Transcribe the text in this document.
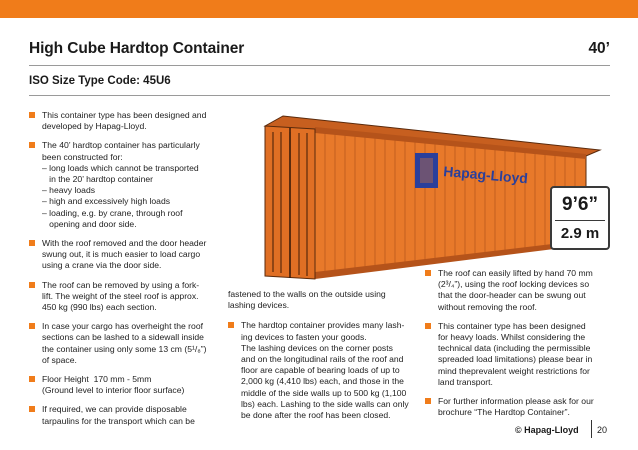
High Cube Hardtop Container	40’
ISO Size Type Code: 45U6
Hapag-Lloyd
9’6”
2.9 m
This container type has been designed and
developed by Hapag-Lloyd.
The 40’ hardtop container has particularly
been constructed for:
– long loads which cannot be transported
in the 20’ hardtop container
– heavy loads
– high and excessively high loads
– loading, e.g. by crane, through roof
opening and door side.
With the roof removed and the door header
swung out, it is much easier to load cargo
using a crane via the door side.
The roof can be removed by using a fork-
lift. The weight of the steel roof is approx.
450 kg (990 lbs) each section.
In case your cargo has overheight the roof
sections can be lashed to a sidewall inside
the container using only some 13 cm (5¹/₈”)
of space.
Floor Height  170 mm - 5mm
(Ground level to interior floor surface)
If required, we can provide disposable
tarpaulins for the transport which can be
fastened to the walls on the outside using
lashing devices.
The hardtop container provides many lash-
ing devices to fasten your goods.
The lashing devices on the corner posts
and on the longitudinal rails of the roof and
floor are capable of bearing loads of up to
2,000 kg (4,410 lbs) each, and those in the
middle of the side walls up to 500 kg (1,100
lbs) each. Lashing to the side walls can only
be done after the roof has been closed.
The roof can easily lifted by hand 70 mm
(2³/₄”), using the roof locking devices so
that the door-header can be swung out
without removing the roof.
This container type has been designed
for heavy loads. Whilst considering the
technical data (including the permissible
spreaded load limitations) please bear in
mind theprevalent weight restrictions for
land transport.
For further information please ask for our
brochure “The Hardtop Container”.
© Hapag-Lloyd 20
